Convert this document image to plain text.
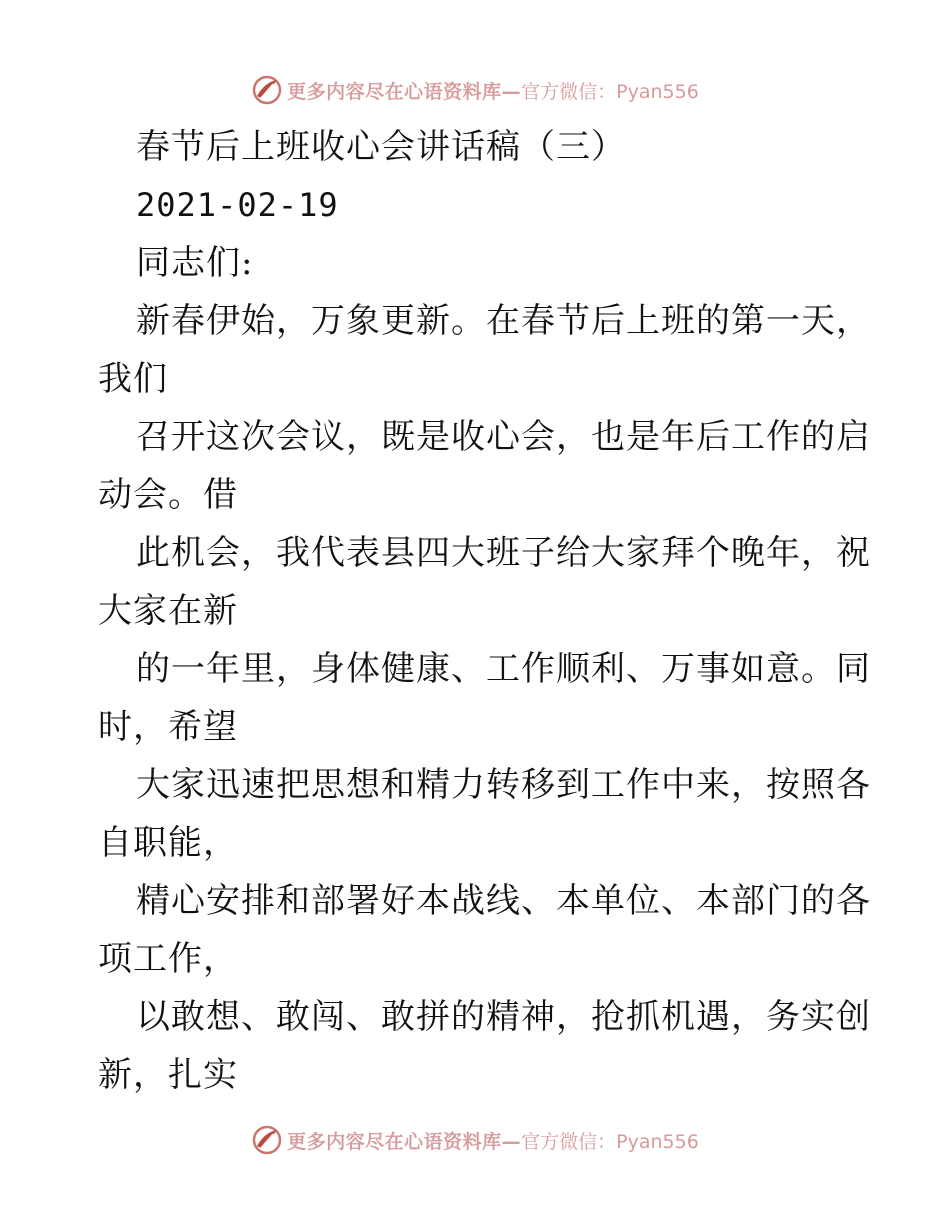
更多内容尽在心语资料库— 官方微信：Pyan556
春节后上班收心会讲话稿（三）
2021-02-19
同志们:
新春伊始，万象更新。在春节后上班的第一天，
我们
召开这次会议，既是收心会，也是年后工作的启
动会。借
此机会，我代表县四大班子给大家拜个晚年，祝
大家在新
的一年里，身体健康、工作顺利、万事如意。同
时，希望
大家迅速把思想和精力转移到工作中来，按照各
自职能，
精心安排和部署好本战线、本单位、本部门的各
项工作，
以敢想、敢闯、敢拼的精神，抢抓机遇，务实创
新，扎实
更多内容尽在心语资料库— 官方微信：Pyan556
